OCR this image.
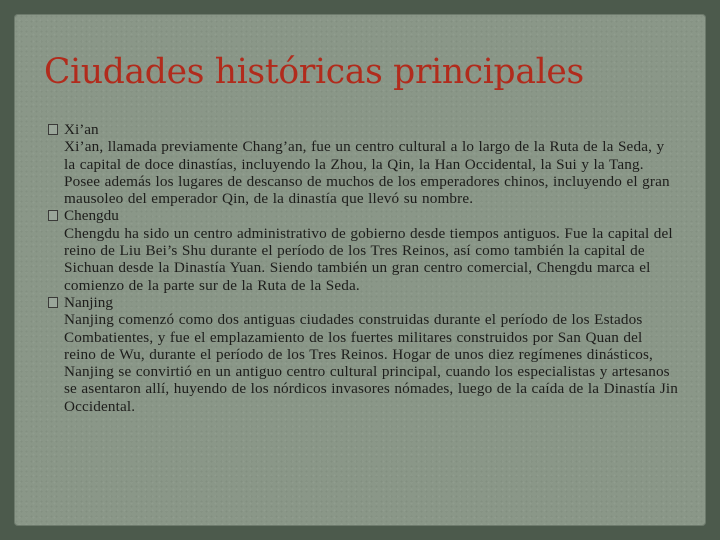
Ciudades históricas principales
Xi’an
Xi’an, llamada previamente Chang’an, fue un centro cultural a lo largo de la Ruta de la Seda, y la capital de doce dinastías, incluyendo la Zhou, la Qin, la Han Occidental, la Sui y la Tang. Posee además los lugares de descanso de muchos de los emperadores chinos, incluyendo el gran mausoleo del emperador Qin, de la dinastía que llevó su nombre.
Chengdu
Chengdu ha sido un centro administrativo de gobierno desde tiempos antiguos. Fue la capital del reino de Liu Bei’s Shu durante el período de los Tres Reinos, así como también la capital de Sichuan desde la Dinastía Yuan. Siendo también un gran centro comercial, Chengdu marca el comienzo de la parte sur de la Ruta de la Seda.
Nanjing
Nanjing comenzó como dos antiguas ciudades construidas durante el período de los Estados Combatientes, y fue el emplazamiento de los fuertes militares construidos por San Quan del reino de Wu, durante el período de los Tres Reinos. Hogar de unos diez regímenes dinásticos, Nanjing se convirtió en un antiguo centro cultural principal, cuando los especialistas y artesanos se asentaron allí, huyendo de los nórdicos invasores nómades, luego de la caída de la Dinastía Jin Occidental.
